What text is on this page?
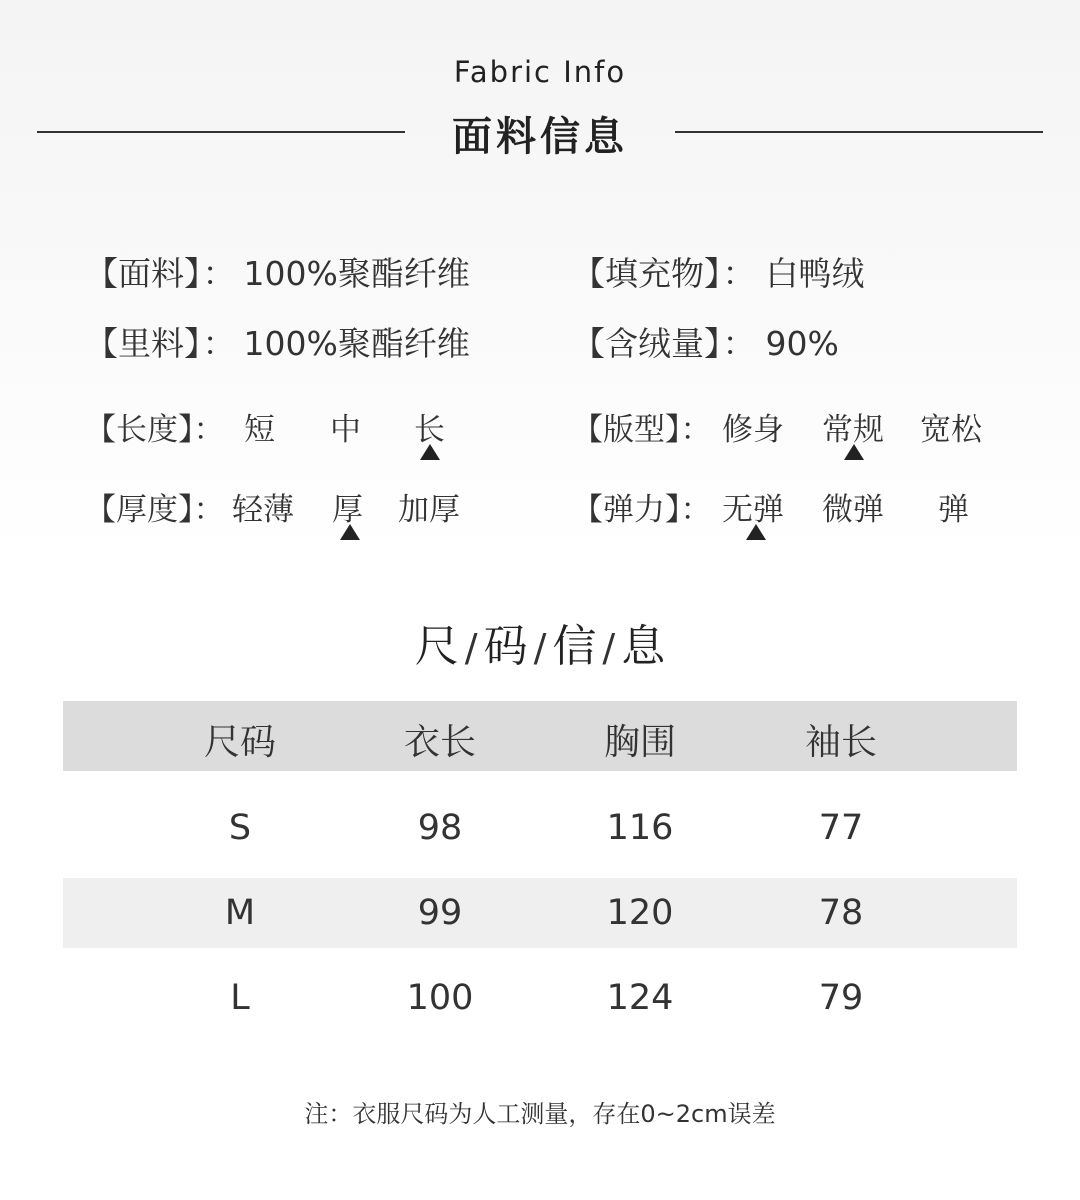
Fabric Info
面料信息
【面料】： 100%聚酯纤维
【里料】： 100%聚酯纤维
【填充物】： 白鸭绒
【含绒量】： 90%
【长度】： 短 中 长	【版型】： 修身 常规 宽松
【厚度】： 轻薄 厚 加厚	【弹力】： 无弹 微弹 弹
尺 / 码 / 信 / 息
尺码	衣长	胸围	袖长
S	98	116	77
M	99	120	78
L	100	124	79
注：衣服尺码为人工测量，存在0~2cm误差
